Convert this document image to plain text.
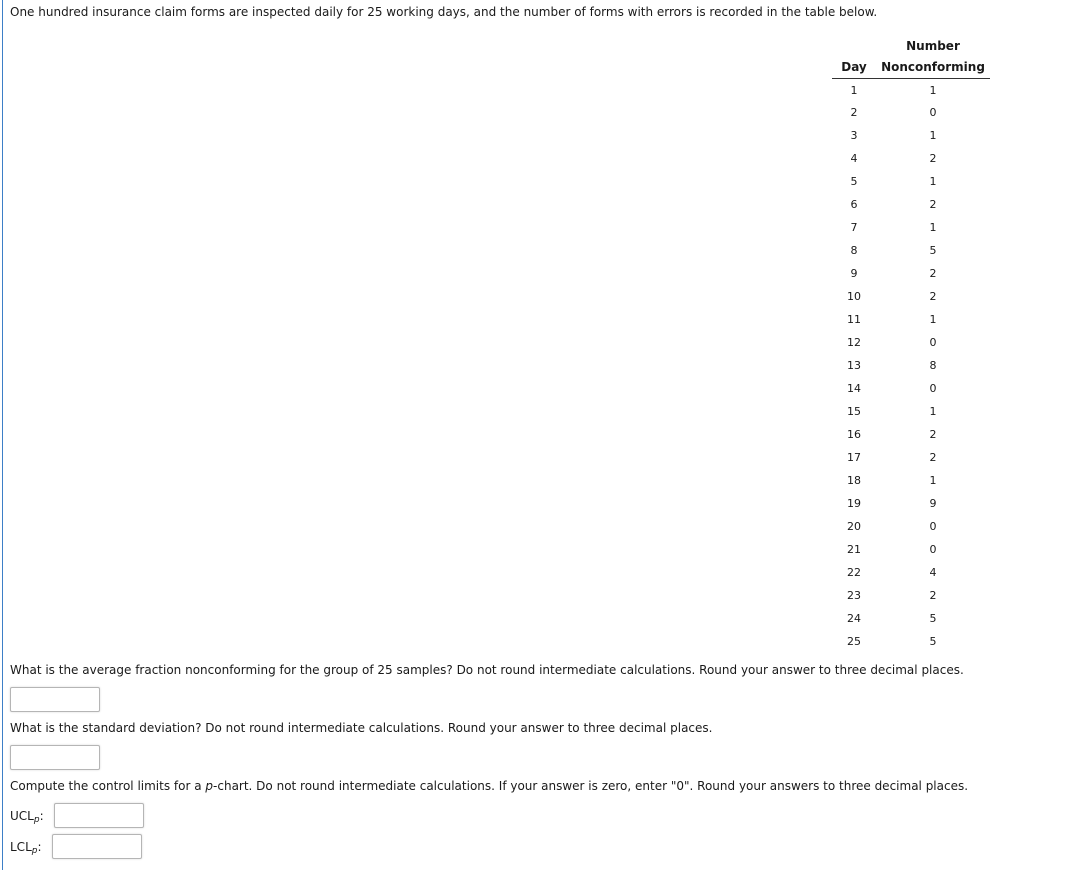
One hundred insurance claim forms are inspected daily for 25 working days, and the number of forms with errors is recorded in the table below.

	Number
Day	Nonconforming
1	1
2	0
3	1
4	2
5	1
6	2
7	1
8	5
9	2
10	2
11	1
12	0
13	8
14	0
15	1
16	2
17	2
18	1
19	9
20	0
21	0
22	4
23	2
24	5
25	5

What is the average fraction nonconforming for the group of 25 samples? Do not round intermediate calculations. Round your answer to three decimal places.

What is the standard deviation? Do not round intermediate calculations. Round your answer to three decimal places.

Compute the control limits for a p-chart. Do not round intermediate calculations. If your answer is zero, enter "0". Round your answers to three decimal places.

$UCL_p$:
$LCL_p$:
